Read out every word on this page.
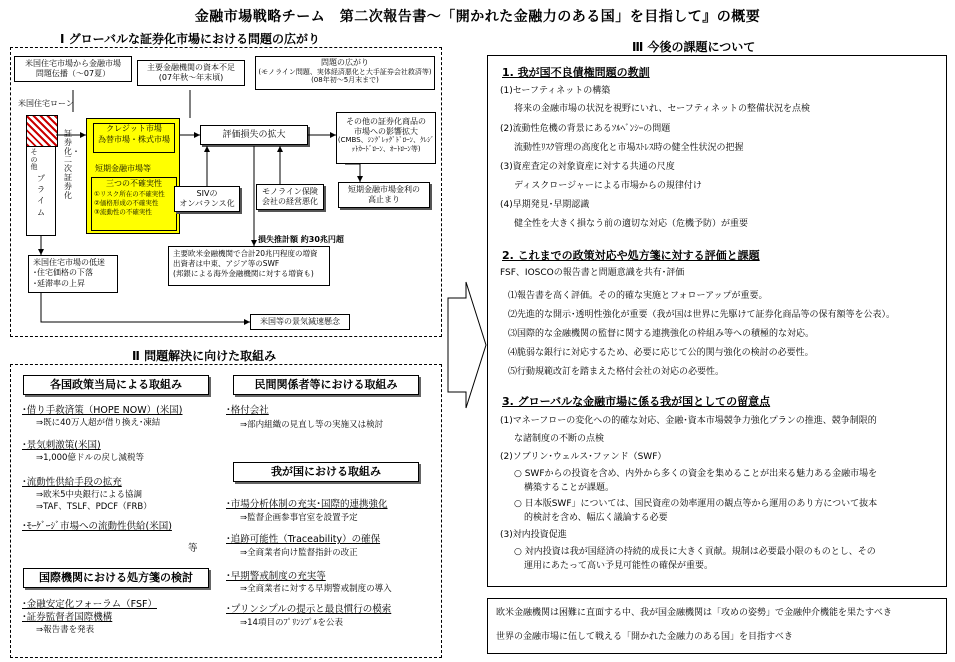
金融市場戦略チーム　第二次報告書～「開かれた金融力のある国」を目指して』の概要
Ⅰ グローバルな証券化市場における問題の広がり
米国住宅市場から金融市場
問題伝播（～07夏）
主要金融機関の資本不足
(07年秋～年末頃)
問題の広がり
(モノライン問題、実体経済悪化と大手証券会社救済等)
(08年初～5月末まで)
米国住宅ローン
その他
プライム
証券化・二次証券化
クレジット市場
為替市場・株式市場
短期金融市場等
三つの不確実性
①リスク所在の不確実性
②価格形成の不確実性
③流動性の不確実性
評価損失の拡大
その他の証券化商品の
市場への影響拡大
(CMBS、ｼﾝｸﾞﾚｯｸﾞﾄﾞﾛｰﾝ、ｸﾚｼﾞｯﾄｶｰﾄﾞﾛｰﾝ、ｵｰﾄﾛｰﾝ等)
SIVの
オンバランス化
モノライン保険
会社の経営悪化
短期金融市場金利の
高止まり
損失推計額 約30兆円超
主要欧米金融機関で合計20兆円程度の増資
出資者は中東、アジア等のSWF
(邦銀による海外金融機関に対する増資も)
米国住宅市場の低迷
･住宅価格の下落
･延滞率の上昇
米国等の景気減速懸念
Ⅱ 問題解決に向けた取組み
各国政策当局による取組み
国際機関における処方箋の検討
民間関係者等における取組み
我が国における取組み
･借り手救済策（HOPE NOW）(米国)
⇒既に40万人超が借り換え･凍結
･景気刺激策(米国)
⇒1,000億ドルの戻し減税等
･流動性供給手段の拡充
⇒欧米5中央銀行による協調
⇒TAF、TSLF、PDCF（FRB）
･ﾓｰｹﾞｰｼﾞ市場への流動性供給(米国)
等
･金融安定化フォーラム（FSF）
･証券監督者国際機構
⇒報告書を発表
･格付会社
⇒部内組織の見直し等の実施又は検討
･市場分析体制の充実･国際的連携強化
⇒監督企画参事官室を設置予定
･追跡可能性（Traceability）の確保
⇒全商業者向け監督指針の改正
･早期警戒制度の充実等
⇒全商業者に対する早期警戒制度の導入
･プリンシプルの提示と最良慣行の模索
⇒14項目のﾌﾟﾘﾝｼﾌﾟﾙを公表
Ⅲ 今後の課題について
1. 我が国不良債権問題の教訓
(1)セーフティネットの構築
将来の金融市場の状況を視野にいれ、セーフティネットの整備状況を点検
(2)流動性危機の背景にあるｿﾙﾍﾞﾝｼｰの問題
流動性ﾘｽｸ管理の高度化と市場ｽﾄﾚｽ時の健全性状況の把握
(3)資産査定の対象資産に対する共通の尺度
ディスクロージャーによる市場からの規律付け
(4)早期発見･早期認識
健全性を大きく損なう前の適切な対応（危機予防）が重要
2. これまでの政策対応や処方箋に対する評価と課題
FSF、IOSCOの報告書と問題意識を共有･評価
⑴報告書を高く評価。その的確な実施とフォローアップが重要。
⑵先進的な開示･透明性強化が重要（我が国は世界に先駆けて証券化商品等の保有額等を公表）。
⑶国際的な金融機関の監督に関する連携強化の枠組み等への積極的な対応。
⑷脆弱な銀行に対応するため、必要に応じて公的関与強化の検討の必要性。
⑸行動規範改訂を踏まえた格付会社の対応の必要性。
3. グローバルな金融市場に係る我が国としての留意点
(1)マネーフローの変化への的確な対応、金融･資本市場競争力強化プランの推進、競争制限的
な諸制度の不断の点検
(2)ソブリン･ウェルス･ファンド（SWF）
○ SWFからの投資を含め、内外から多くの資金を集めることが出来る魅力ある金融市場を
構築することが課題。
○ 日本版SWF」については、国民資産の効率運用の観点等から運用のあり方について抜本
的検討を含め、幅広く議論する必要
(3)対内投資促進
○ 対内投資は我が国経済の持続的成長に大きく貢献。規制は必要最小限のものとし、その
運用にあたって高い予見可能性の確保が重要。
欧米金融機関は困難に直面する中、我が国金融機関は「攻めの姿勢」で金融仲介機能を果たすべき
世界の金融市場に伍して戦える「開かれた金融力のある国」を目指すべき
